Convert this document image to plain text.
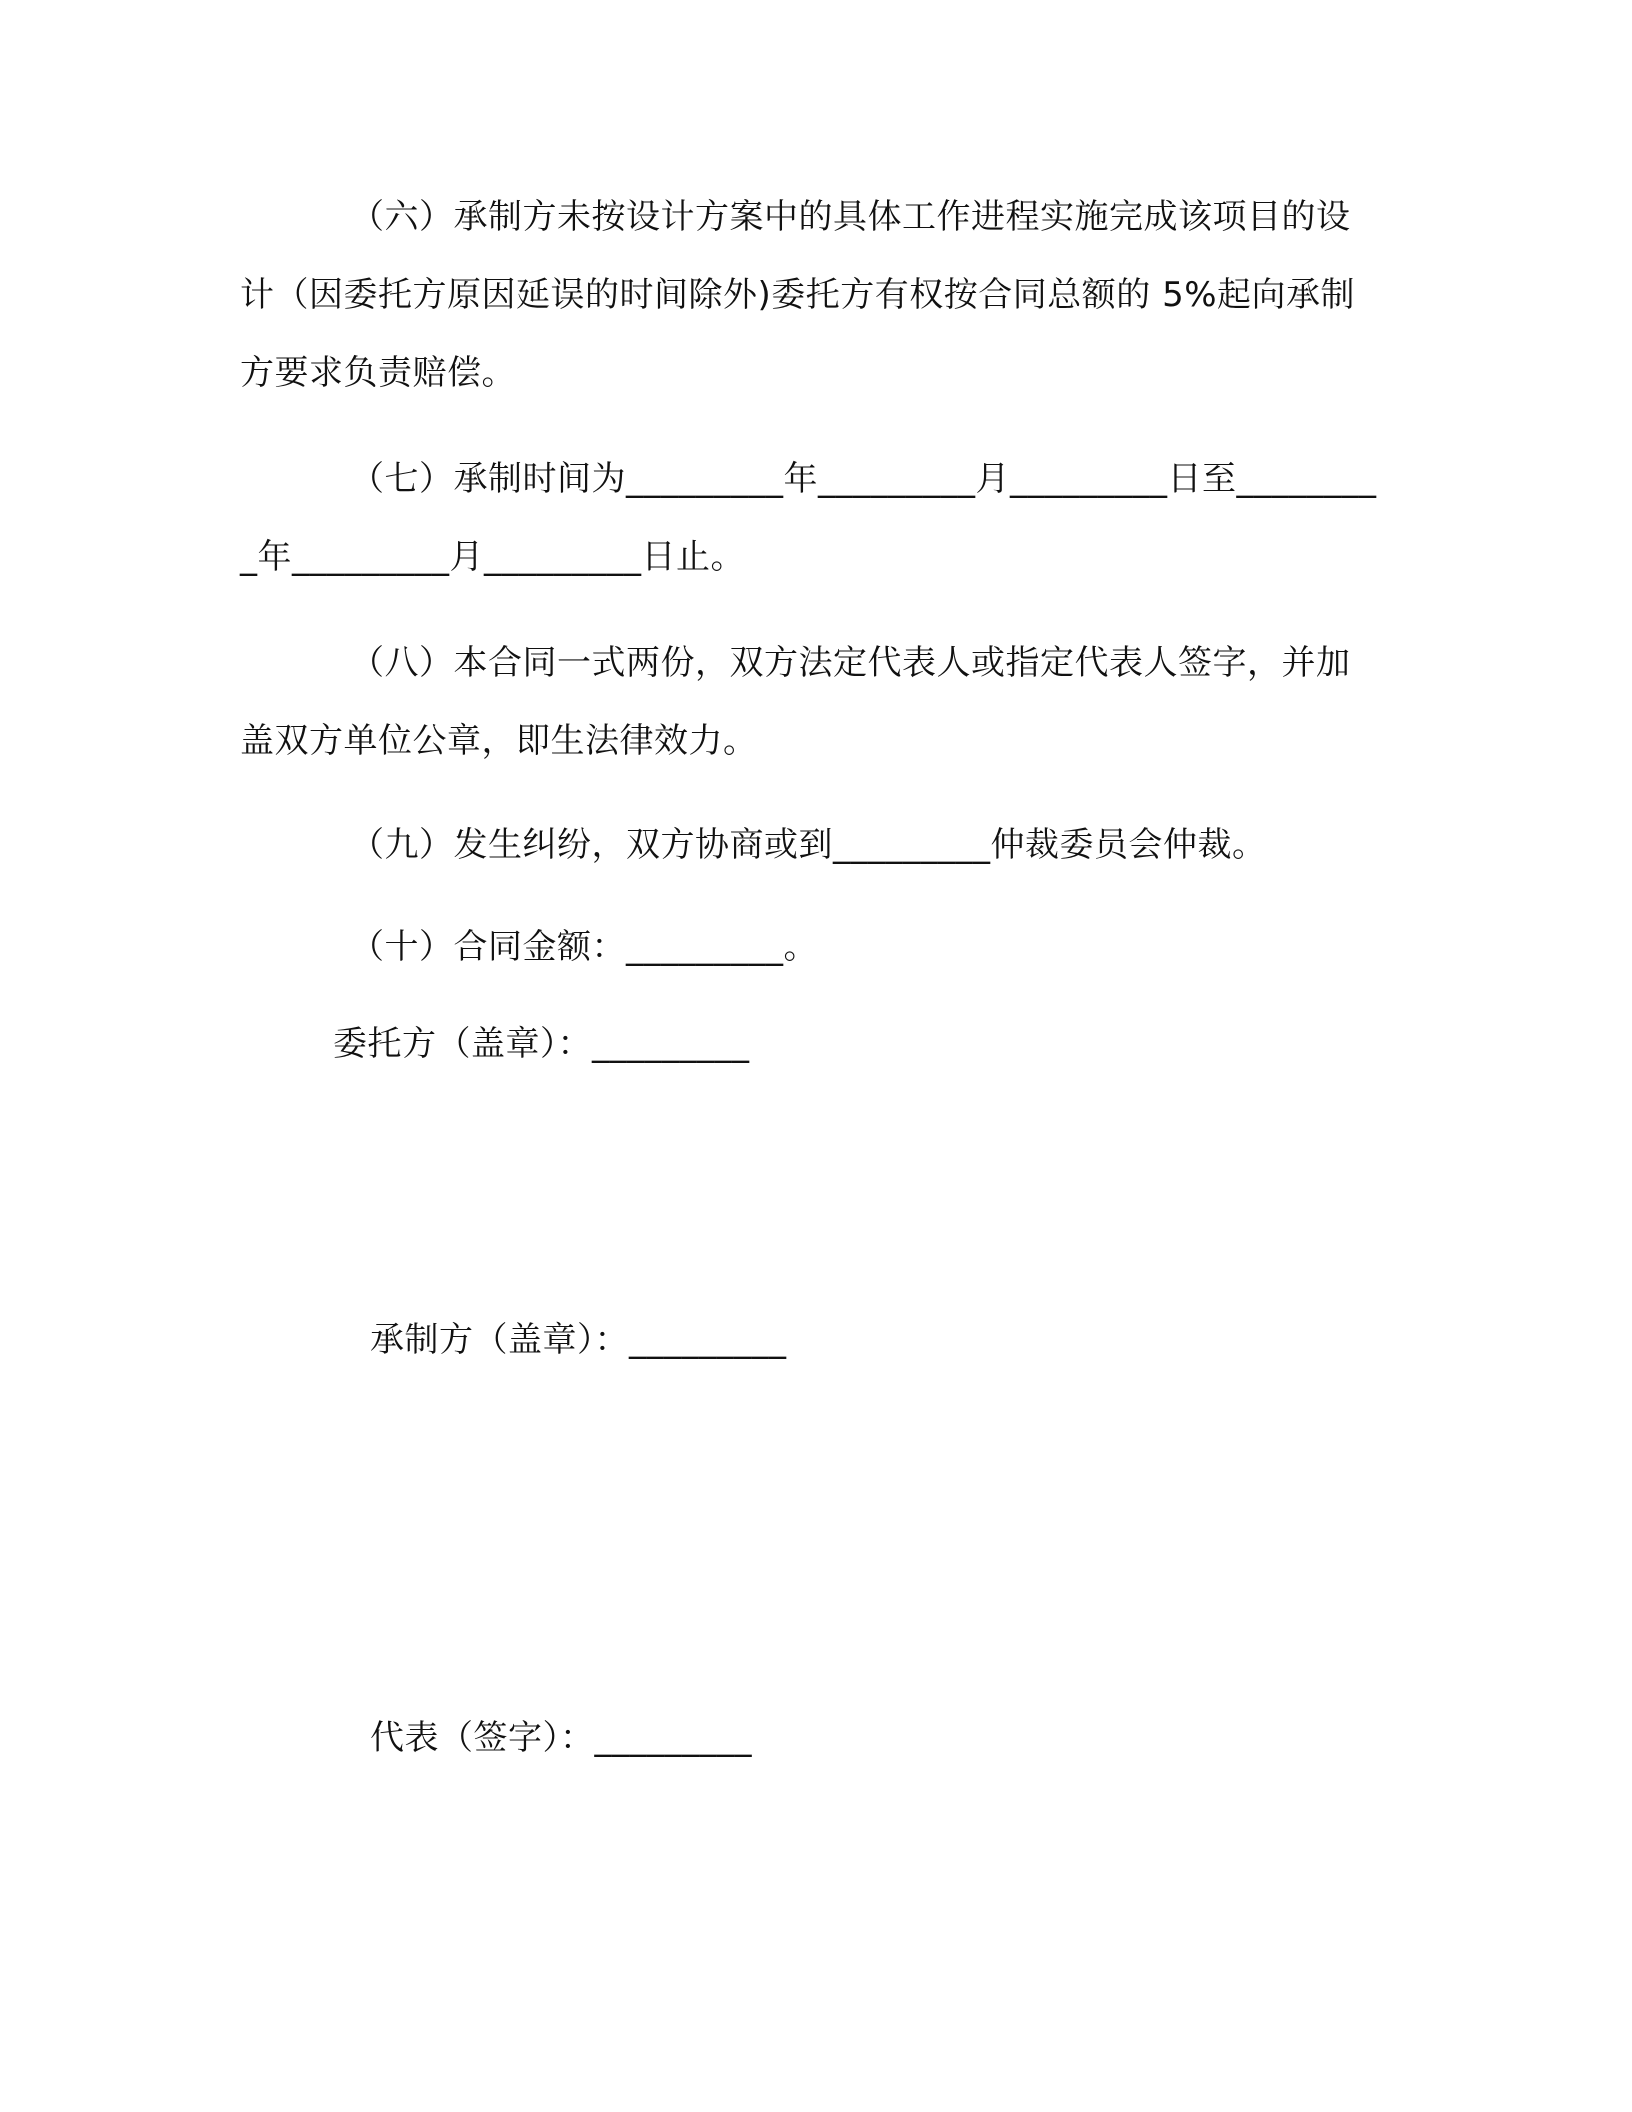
（六）承制方未按设计方案中的具体工作进程实施完成该项目的设计（因委托方原因延误的时间除外)委托方有权按合同总额的 5%起向承制方要求负责赔偿。

（七）承制时间为_________年_________月_________日至_________年_________月_________日止。

（八）本合同一式两份，双方法定代表人或指定代表人签字，并加盖双方单位公章，即生法律效力。

（九）发生纠纷，双方协商或到_________仲裁委员会仲裁。

（十）合同金额：_________。

委托方（盖章）：_________
承制方（盖章）：_________
代表（签字）：_________
